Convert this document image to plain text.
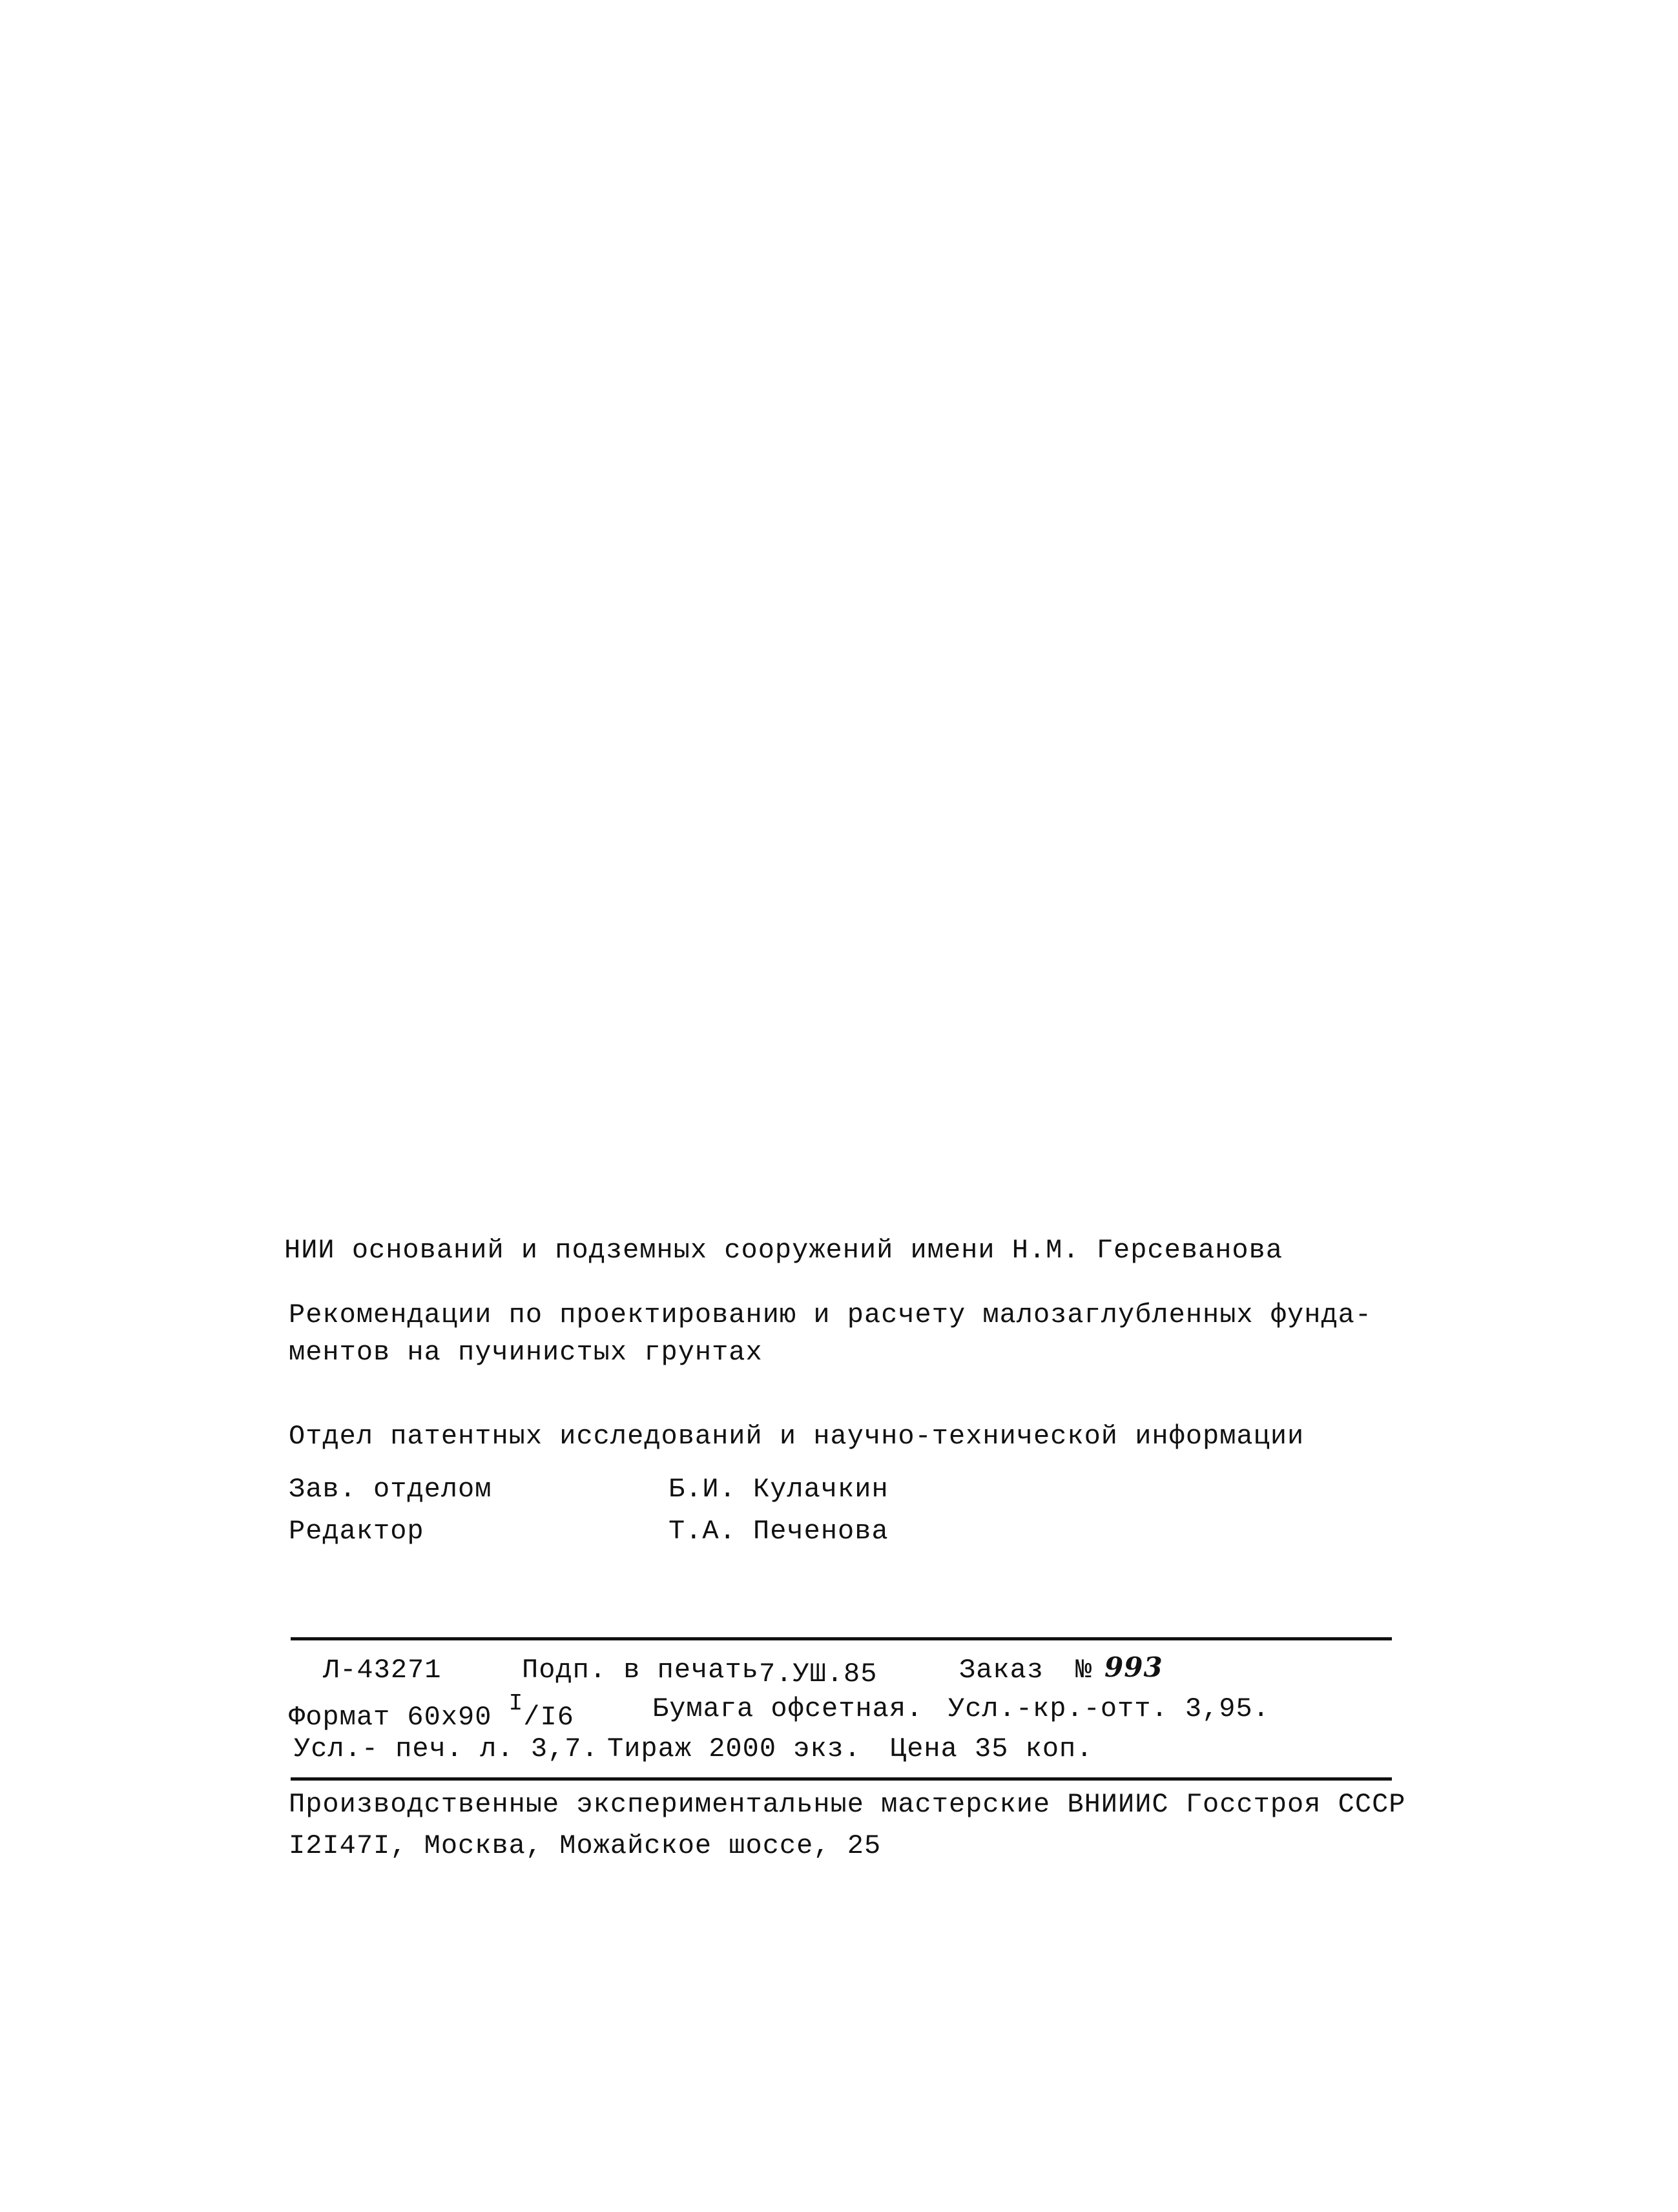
НИИ оснований и подземных сооружений имени Н.М. Герсеванова
Рекомендации по проектированию и расчету малозаглубленных фунда-
ментов на пучинистых грунтах
Отдел патентных исследований и научно-технической информации
Зав. отделом	Б.И. Кулачкин
Редактор	Т.А. Печенова
Л-43271	Подп. в печать 7.УШ.85	Заказ № 993
Формат 60х90 $^I$/I6	Бумага офсетная. Усл.-кр.-отт. 3,95.
Усл.- печ. л. 3,7. Тираж 2000 экз. Цена 35 коп.
Производственные экспериментальные мастерские ВНИИИС Госстроя СССР
I2I47I, Москва, Можайское шоссе, 25
